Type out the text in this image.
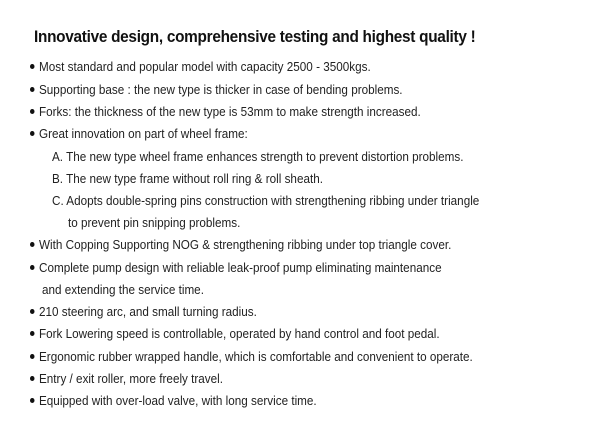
Innovative design, comprehensive testing and highest quality !
Most standard and popular model with capacity 2500 - 3500kgs.
Supporting base : the new type is thicker in case of bending problems.
Forks: the thickness of the new type is 53mm to make strength increased.
Great innovation on part of wheel frame:
A. The new type wheel frame enhances strength to prevent distortion problems.
B. The new type frame without roll ring & roll sheath.
C. Adopts double-spring pins construction with strengthening ribbing under triangle
to prevent pin snipping problems.
With Copping Supporting NOG & strengthening ribbing under top triangle cover.
Complete pump design with reliable leak-proof pump eliminating maintenance
and extending the service time.
210 steering arc, and small turning radius.
Fork Lowering speed is controllable, operated by hand control and foot pedal.
Ergonomic rubber wrapped handle, which is comfortable and convenient to operate.
Entry / exit roller, more freely travel.
Equipped with over-load valve, with long service time.
